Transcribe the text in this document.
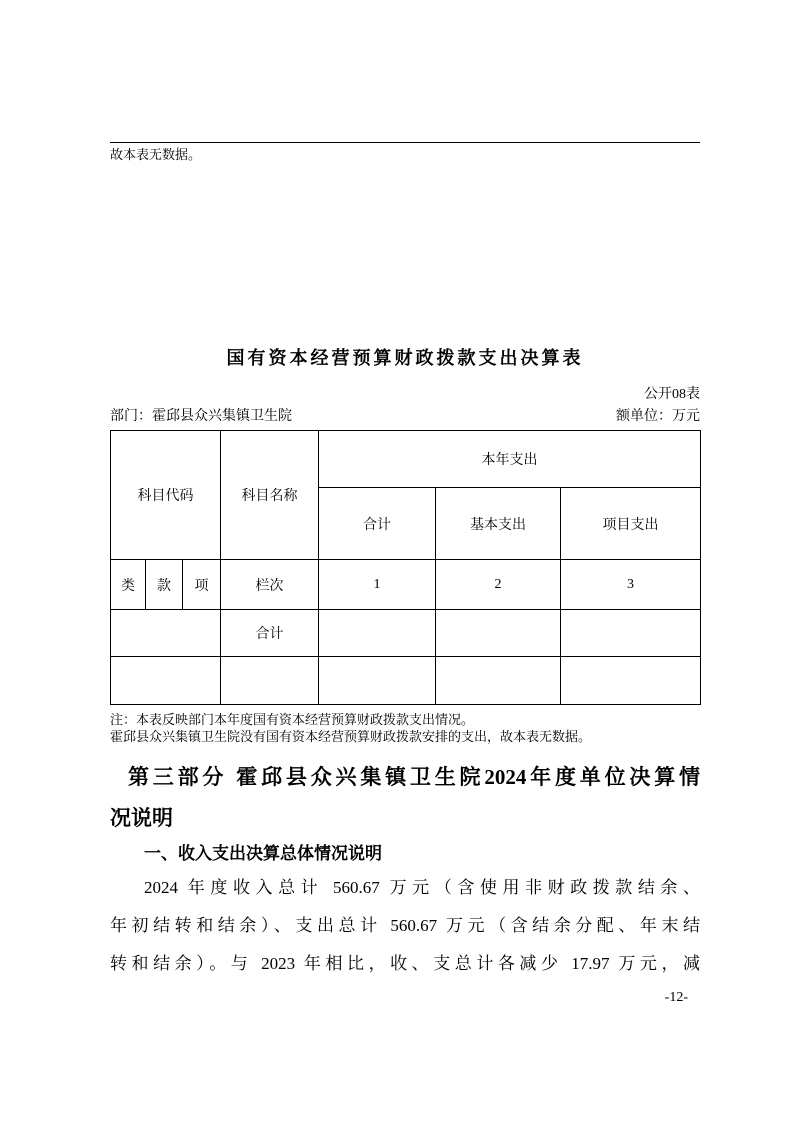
故本表无数据。
国有资本经营预算财政拨款支出决算表
公开08表
部门：霍邱县众兴集镇卫生院	额单位：万元
科目代码			科目名称	本年支出		
				合计	基本支出	项目支出
类	款	项	栏次	1	2	3
			合计			

注：本表反映部门本年度国有资本经营预算财政拨款支出情况。
霍邱县众兴集镇卫生院没有国有资本经营预算财政拨款安排的支出，故本表无数据。
第三部分 霍邱县众兴集镇卫生院2024年度单位决算情
况说明
一、收入支出决算总体情况说明
2024 年度收入总计 560.67 万元（含使用非财政拨款结余、
年初结转和结余）、支出总计 560.67 万元（含结余分配、年末结
转和结余）。与 2023 年相比，收、支总计各减少 17.97 万元，减
-12-
